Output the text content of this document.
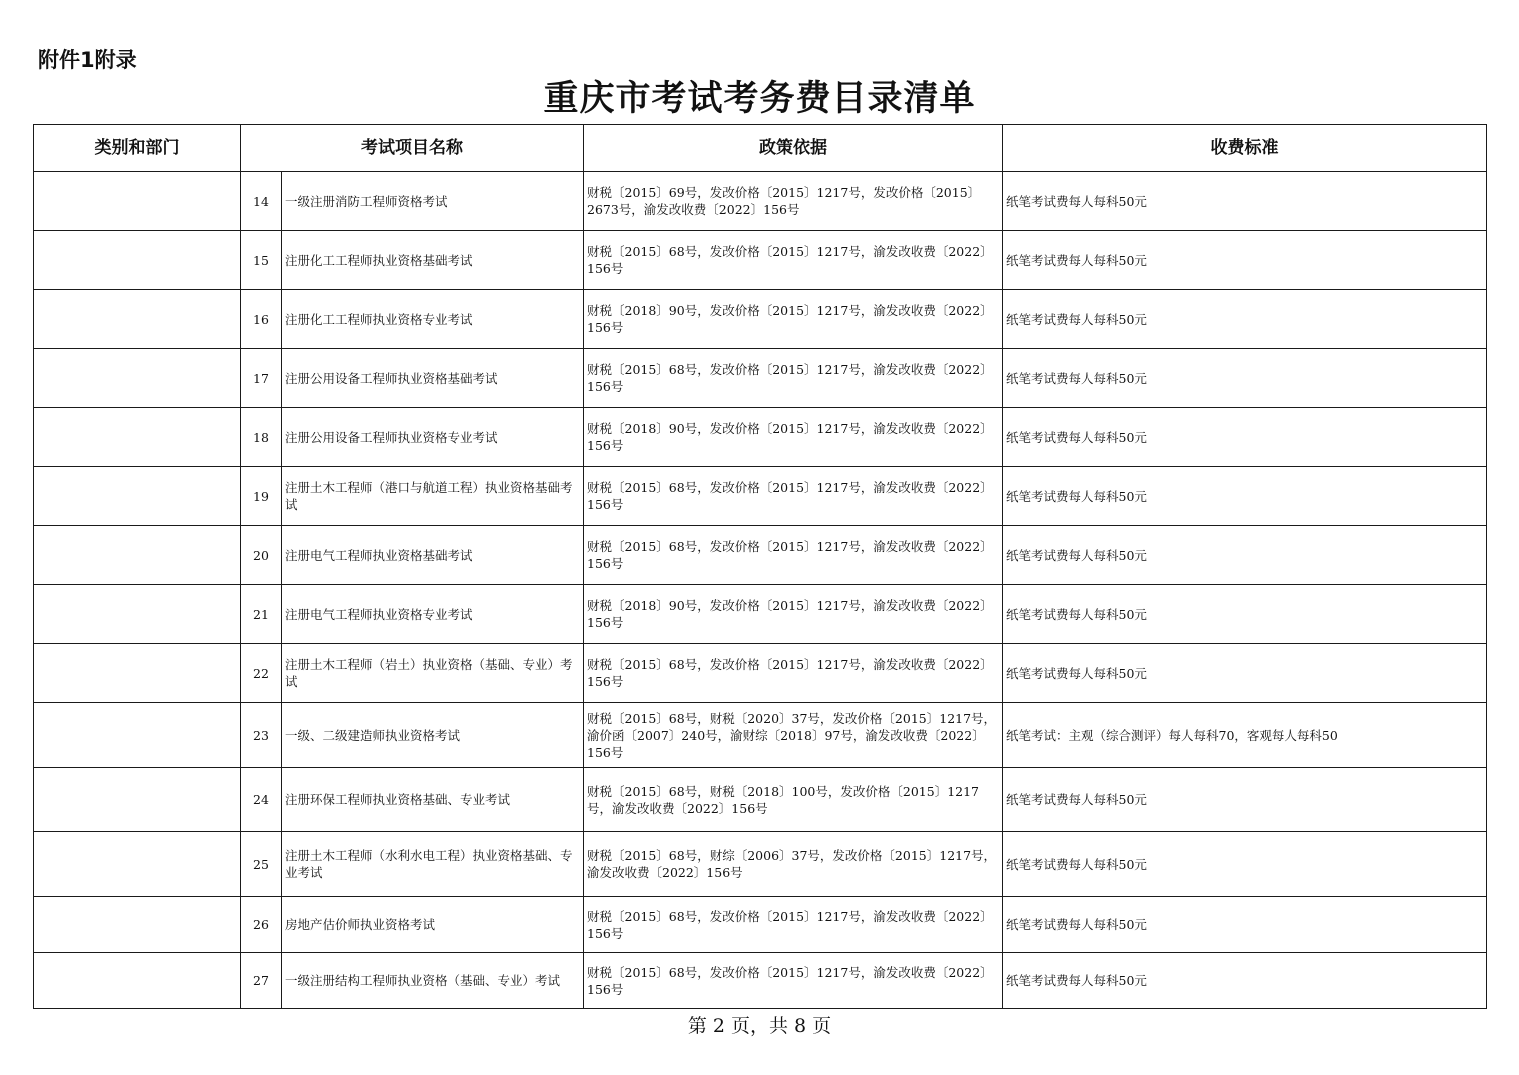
附件1附录
重庆市考试考务费目录清单
类别和部门	考试项目名称		政策依据	收费标准
	14	一级注册消防工程师资格考试	财税〔2015〕69号，发改价格〔2015〕1217号，发改价格〔2015〕2673号，渝发改收费〔2022〕156号	纸笔考试费每人每科50元
	15	注册化工工程师执业资格基础考试	财税〔2015〕68号，发改价格〔2015〕1217号，渝发改收费〔2022〕156号	纸笔考试费每人每科50元
	16	注册化工工程师执业资格专业考试	财税〔2018〕90号，发改价格〔2015〕1217号，渝发改收费〔2022〕156号	纸笔考试费每人每科50元
	17	注册公用设备工程师执业资格基础考试	财税〔2015〕68号，发改价格〔2015〕1217号，渝发改收费〔2022〕156号	纸笔考试费每人每科50元
	18	注册公用设备工程师执业资格专业考试	财税〔2018〕90号，发改价格〔2015〕1217号，渝发改收费〔2022〕156号	纸笔考试费每人每科50元
	19	注册土木工程师（港口与航道工程）执业资格基础考试	财税〔2015〕68号，发改价格〔2015〕1217号，渝发改收费〔2022〕156号	纸笔考试费每人每科50元
	20	注册电气工程师执业资格基础考试	财税〔2015〕68号，发改价格〔2015〕1217号，渝发改收费〔2022〕156号	纸笔考试费每人每科50元
	21	注册电气工程师执业资格专业考试	财税〔2018〕90号，发改价格〔2015〕1217号，渝发改收费〔2022〕156号	纸笔考试费每人每科50元
	22	注册土木工程师（岩土）执业资格（基础、专业）考试	财税〔2015〕68号，发改价格〔2015〕1217号，渝发改收费〔2022〕156号	纸笔考试费每人每科50元
	23	一级、二级建造师执业资格考试	财税〔2015〕68号，财税〔2020〕37号，发改价格〔2015〕1217号，渝价函〔2007〕240号，渝财综〔2018〕97号，渝发改收费〔2022〕156号	纸笔考试：主观（综合测评）每人每科70，客观每人每科50
	24	注册环保工程师执业资格基础、专业考试	财税〔2015〕68号，财税〔2018〕100号，发改价格〔2015〕1217号，渝发改收费〔2022〕156号	纸笔考试费每人每科50元
	25	注册土木工程师（水利水电工程）执业资格基础、专业考试	财税〔2015〕68号，财综〔2006〕37号，发改价格〔2015〕1217号，渝发改收费〔2022〕156号	纸笔考试费每人每科50元
	26	房地产估价师执业资格考试	财税〔2015〕68号，发改价格〔2015〕1217号，渝发改收费〔2022〕156号	纸笔考试费每人每科50元
	27	一级注册结构工程师执业资格（基础、专业）考试	财税〔2015〕68号，发改价格〔2015〕1217号，渝发改收费〔2022〕156号	纸笔考试费每人每科50元
第 2 页，共 8 页
